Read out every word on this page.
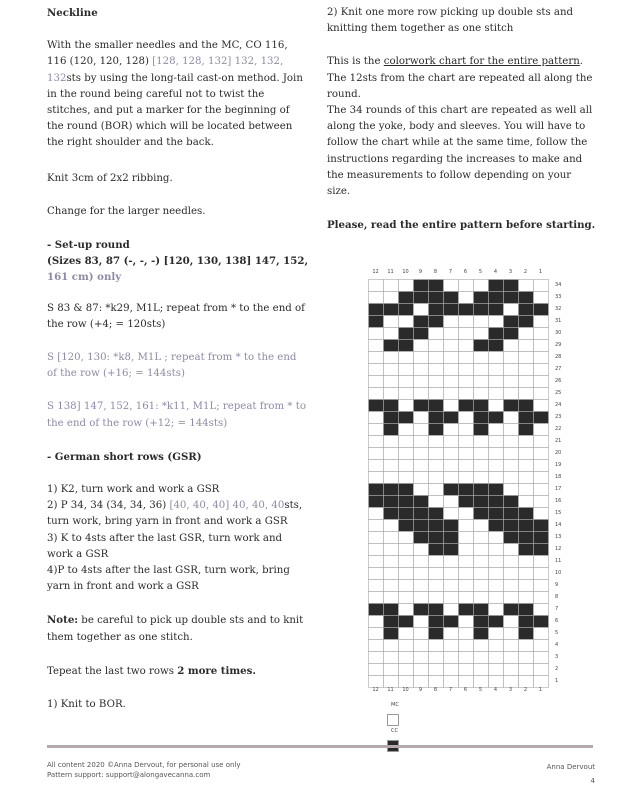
Neckline

With the smaller needles and the MC, CO 116, 116 (120, 120, 128) [128, 128, 132] 132, 132, 132sts by using the long-tail cast-on method. Join in the round being careful not to twist the stitches, and put a marker for the beginning of the round (BOR) which will be located between the right shoulder and the back.

Knit 3cm of 2x2 ribbing.

Change for the larger needles.

- Set-up round

(Sizes 83, 87 (-, -, -) [120, 130, 138] 147, 152, 161 cm) only

S 83 & 87: *k29, M1L; repeat from * to the end of the row (+4; = 120sts)

S [120, 130: *k8, M1L ; repeat from * to the end of the row (+16; = 144sts)

S 138] 147, 152, 161: *k11, M1L; repeat from * to the end of the row (+12; = 144sts)

- German short rows (GSR)

1) K2, turn work and work a GSR

2) P 34, 34 (34, 34, 36) [40, 40, 40] 40, 40, 40sts, turn work, bring yarn in front and work a GSR

3) K to 4sts after the last GSR, turn work and work a GSR

4)P to 4sts after the last GSR, turn work, bring yarn in front and work a GSR

Note: be careful to pick up double sts and to knit them together as one stitch.

Tepeat the last two rows 2 more times.

1) Knit to BOR.

2) Knit one more row picking up double sts and knitting them together as one stitch

This is the colorwork chart for the entire pattern. The 12sts from the chart are repeated all along the round.

The 34 rounds of this chart are repeated as well all along the yoke, body and sleeves. You will have to follow the chart while at the same time, follow the instructions regarding the increases to make and the measurements to follow depending on your size.

Please, read the entire pattern before starting.

12	11	10	9	8	7	6	5	4	3	2	1
34
33
32
31
30
29
28
27
26
25
24
23
22
21
20
19
18
17
16
15
14
13
12
11
10
9
8
7
6
5
4
3
2
1
12	11	10	9	8	7	6	5	4	3	2	1
MC
CC
All content 2020 ©Anna Dervout, for personal use only
Pattern support: support@alongavecanna.com
Anna Dervout
4
